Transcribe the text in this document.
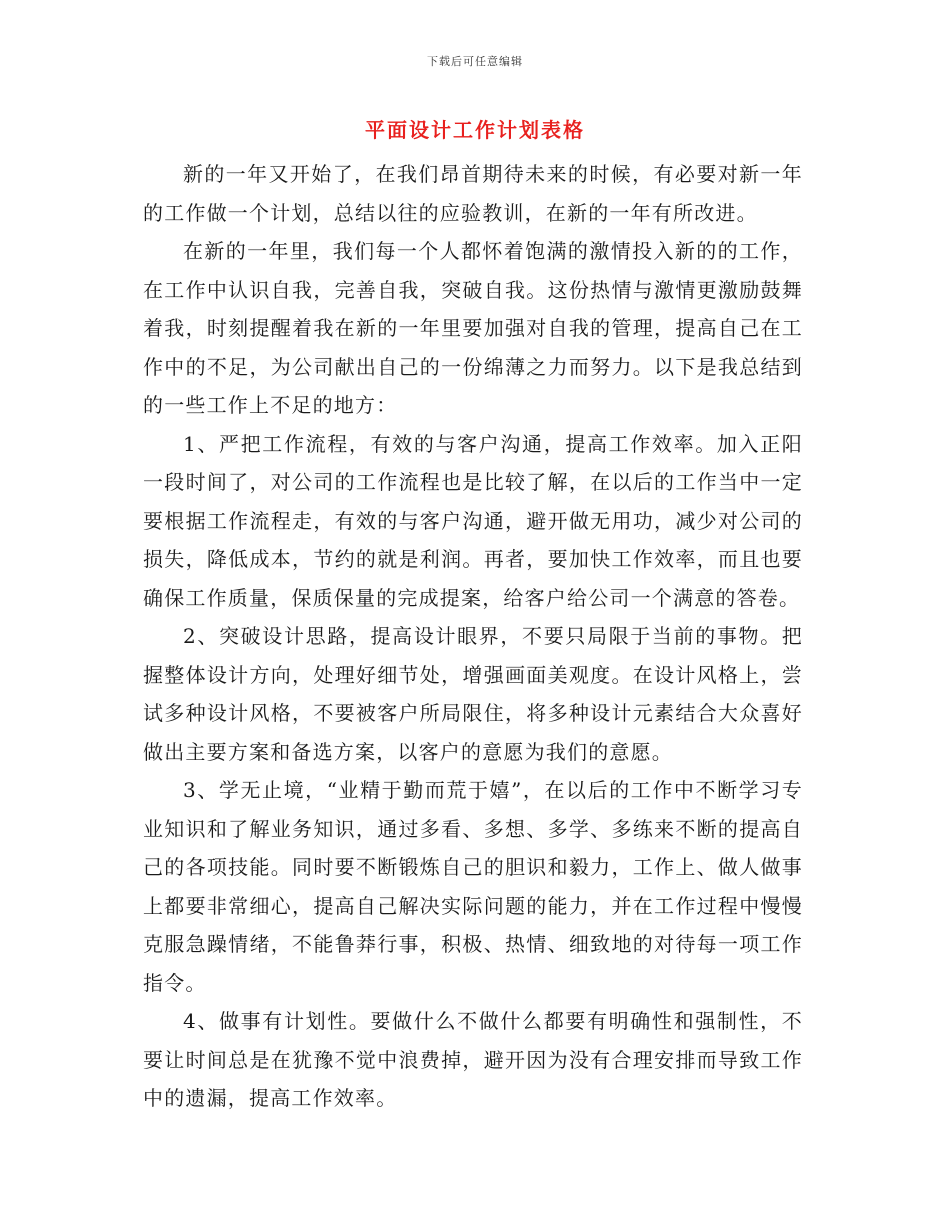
下载后可任意编辑
平面设计工作计划表格

新的一年又开始了，在我们昂首期待未来的时候，有必要对新一年的工作做一个计划，总结以往的应验教训，在新的一年有所改进。

在新的一年里，我们每一个人都怀着饱满的激情投入新的的工作，在工作中认识自我，完善自我，突破自我。这份热情与激情更激励鼓舞着我，时刻提醒着我在新的一年里要加强对自我的管理，提高自己在工作中的不足，为公司献出自己的一份绵薄之力而努力。以下是我总结到的一些工作上不足的地方：

1、严把工作流程，有效的与客户沟通，提高工作效率。加入正阳一段时间了，对公司的工作流程也是比较了解，在以后的工作当中一定要根据工作流程走，有效的与客户沟通，避开做无用功，减少对公司的损失，降低成本，节约的就是利润。再者，要加快工作效率，而且也要确保工作质量，保质保量的完成提案，给客户给公司一个满意的答卷。

2、突破设计思路，提高设计眼界，不要只局限于当前的事物。把握整体设计方向，处理好细节处，增强画面美观度。在设计风格上，尝试多种设计风格，不要被客户所局限住，将多种设计元素结合大众喜好做出主要方案和备选方案，以客户的意愿为我们的意愿。

3、学无止境，“业精于勤而荒于嬉”，在以后的工作中不断学习专业知识和了解业务知识，通过多看、多想、多学、多练来不断的提高自己的各项技能。同时要不断锻炼自己的胆识和毅力，工作上、做人做事上都要非常细心，提高自己解决实际问题的能力，并在工作过程中慢慢克服急躁情绪，不能鲁莽行事，积极、热情、细致地的对待每一项工作指令。

4、做事有计划性。要做什么不做什么都要有明确性和强制性，不要让时间总是在犹豫不觉中浪费掉，避开因为没有合理安排而导致工作中的遗漏，提高工作效率。
